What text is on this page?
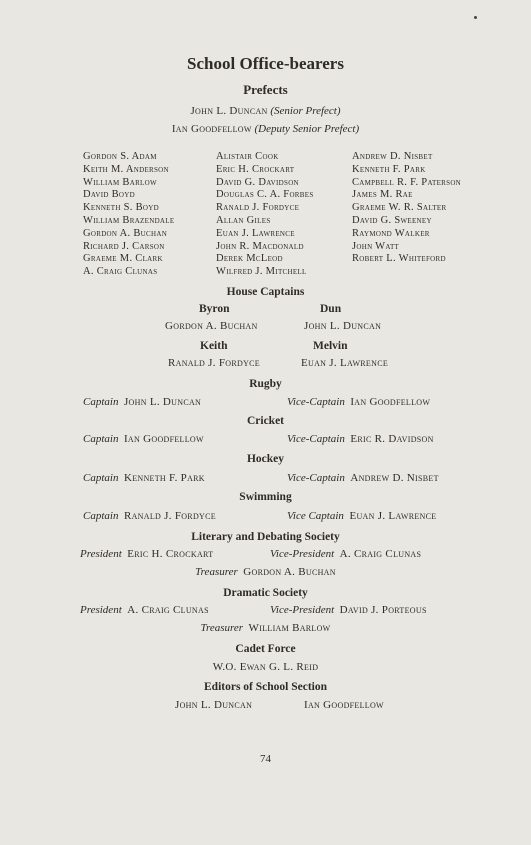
School Office-bearers
Prefects
John L. Duncan (Senior Prefect)
Ian Goodfellow (Deputy Senior Prefect)
Gordon S. Adam
Keith M. Anderson
William Barlow
David Boyd
Kenneth S. Boyd
William Brazendale
Gordon A. Buchan
Richard J. Carson
Graeme M. Clark
A. Craig Clunas
Alistair Cook
Eric H. Crockart
David G. Davidson
Douglas C. A. Forbes
Ranald J. Fordyce
Allan Giles
Euan J. Lawrence
John R. Macdonald
Derek McLeod
Wilfred J. Mitchell
Andrew D. Nisbet
Kenneth F. Park
Campbell R. F. Paterson
James M. Rae
Graeme W. R. Salter
David G. Sweeney
Raymond Walker
John Watt
Robert L. Whiteford
House Captains
Byron
Gordon A. Buchan
Dun
John L. Duncan
Keith
Ranald J. Fordyce
Melvin
Euan J. Lawrence
Rugby
Captain John L. Duncan	Vice-Captain Ian Goodfellow
Cricket
Captain Ian Goodfellow	Vice-Captain Eric R. Davidson
Hockey
Captain Kenneth F. Park	Vice-Captain Andrew D. Nisbet
Swimming
Captain Ranald J. Fordyce	Vice Captain Euan J. Lawrence
Literary and Debating Society
President Eric H. Crockart	Vice-President A. Craig Clunas
Treasurer Gordon A. Buchan
Dramatic Society
President A. Craig Clunas	Vice-President David J. Porteous
Treasurer William Barlow
Cadet Force
W.O. Ewan G. L. Reid
Editors of School Section
John L. Duncan	Ian Goodfellow
74
